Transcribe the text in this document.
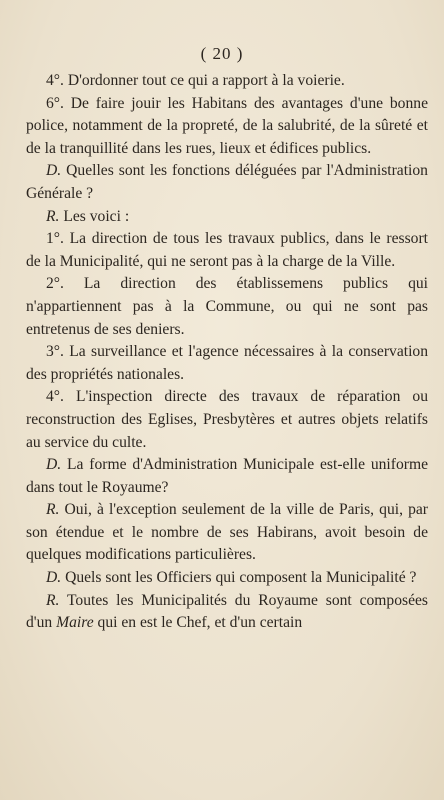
( 20 )

4°. D'ordonner tout ce qui a rapport à la voierie.

6°. De faire jouir les Habitans des avantages d'une bonne police, notamment de la propreté, de la salubrité, de la sûreté et de la tranquillité dans les rues, lieux et édifices publics.

D. Quelles sont les fonctions déléguées par l'Administration Générale ?

R. Les voici :

1°. La direction de tous les travaux publics, dans le ressort de la Municipalité, qui ne seront pas à la charge de la Ville.

2°. La direction des établissemens publics qui n'appartiennent pas à la Commune, ou qui ne sont pas entretenus de ses deniers.

3°. La surveillance et l'agence nécessaires à la conservation des propriétés nationales.

4°. L'inspection directe des travaux de réparation ou reconstruction des Eglises, Presbytères et autres objets relatifs au service du culte.

D. La forme d'Administration Municipale est-elle uniforme dans tout le Royaume?

R. Oui, à l'exception seulement de la ville de Paris, qui, par son étendue et le nombre de ses Habirans, avoit besoin de quelques modifications particulières.

D. Quels sont les Officiers qui composent la Municipalité ?

R. Toutes les Municipalités du Royaume sont composées d'un Maire qui en est le Chef, et d'un certain
